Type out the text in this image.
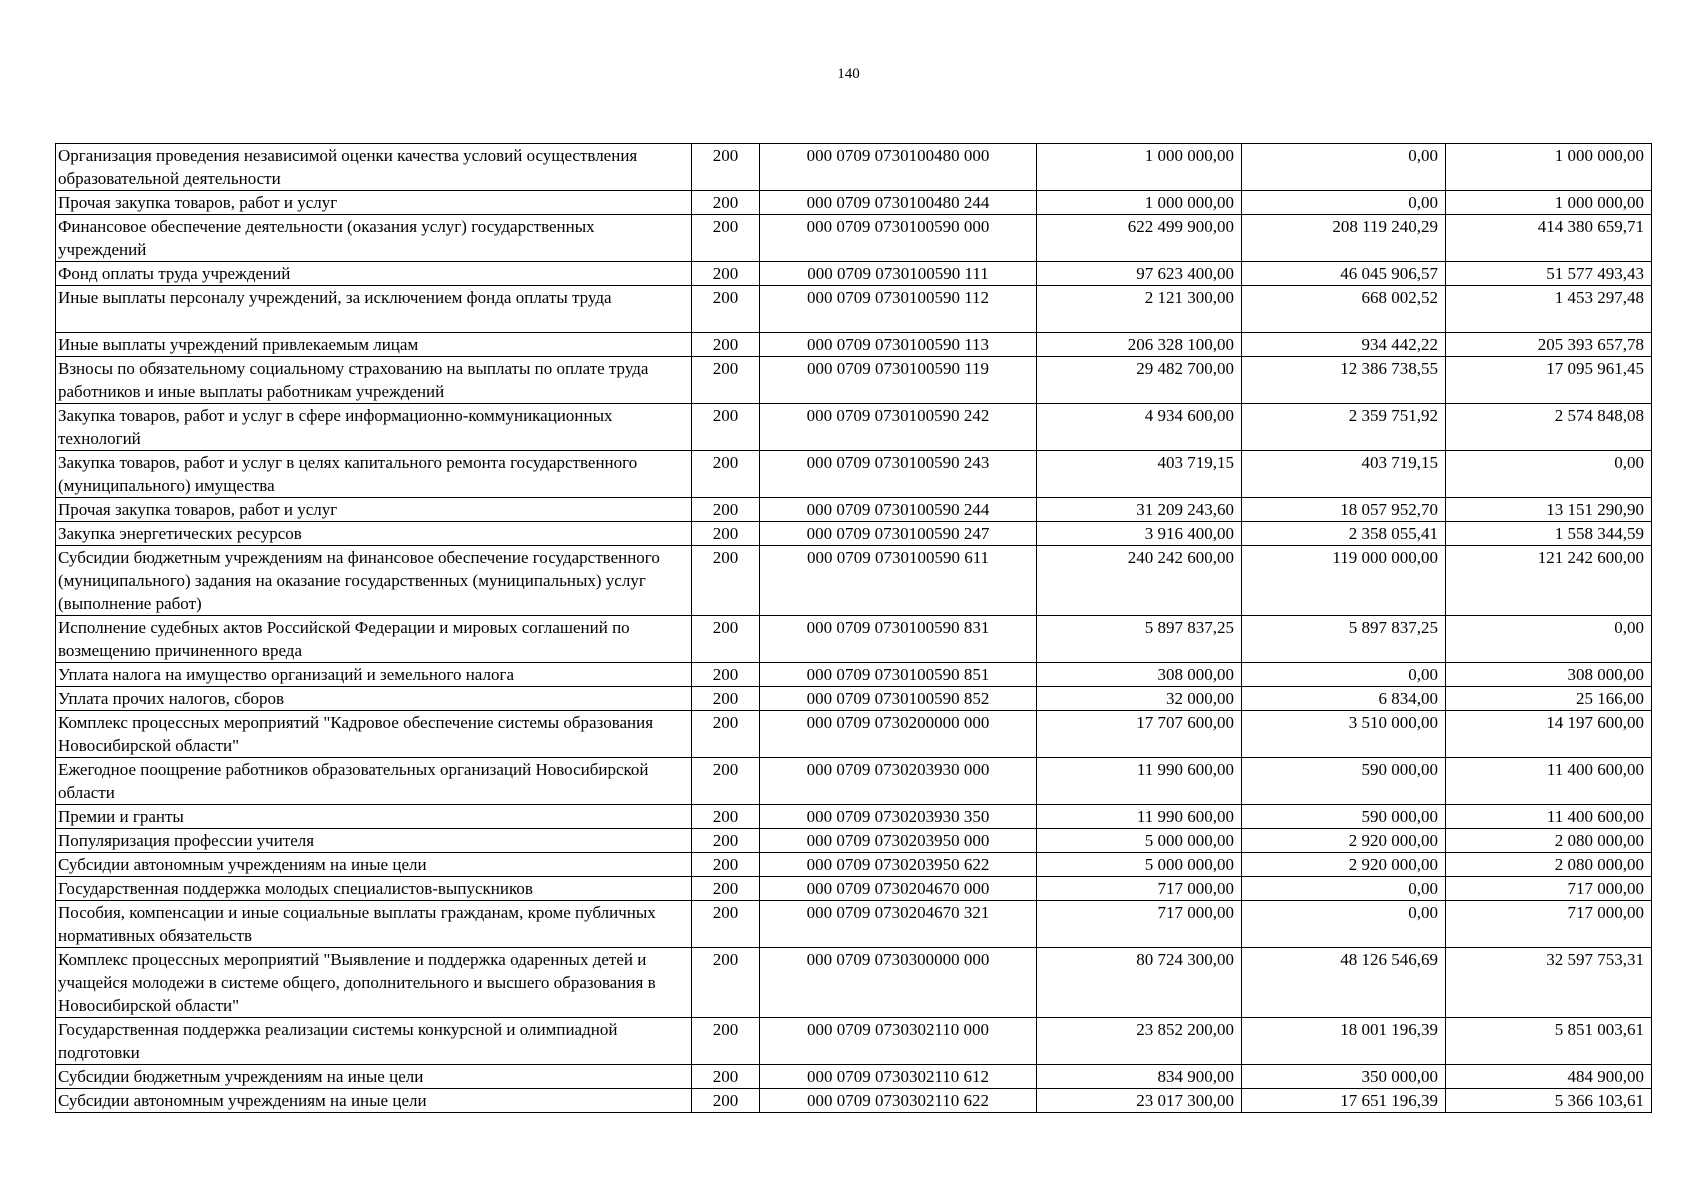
140
Организация проведения независимой оценки качества условий осуществления образовательной деятельности	200	000 0709 0730100480 000	1 000 000,00	0,00	1 000 000,00
Прочая закупка товаров, работ и услуг	200	000 0709 0730100480 244	1 000 000,00	0,00	1 000 000,00
Финансовое обеспечение деятельности (оказания услуг) государственных учреждений	200	000 0709 0730100590 000	622 499 900,00	208 119 240,29	414 380 659,71
Фонд оплаты труда учреждений	200	000 0709 0730100590 111	97 623 400,00	46 045 906,57	51 577 493,43
Иные выплаты персоналу учреждений, за исключением фонда оплаты труда	200	000 0709 0730100590 112	2 121 300,00	668 002,52	1 453 297,48
Иные выплаты учреждений привлекаемым лицам	200	000 0709 0730100590 113	206 328 100,00	934 442,22	205 393 657,78
Взносы по обязательному социальному страхованию на выплаты по оплате труда работников и иные выплаты работникам учреждений	200	000 0709 0730100590 119	29 482 700,00	12 386 738,55	17 095 961,45
Закупка товаров, работ и услуг в сфере информационно-коммуникационных технологий	200	000 0709 0730100590 242	4 934 600,00	2 359 751,92	2 574 848,08
Закупка товаров, работ и услуг в целях капитального ремонта государственного (муниципального) имущества	200	000 0709 0730100590 243	403 719,15	403 719,15	0,00
Прочая закупка товаров, работ и услуг	200	000 0709 0730100590 244	31 209 243,60	18 057 952,70	13 151 290,90
Закупка энергетических ресурсов	200	000 0709 0730100590 247	3 916 400,00	2 358 055,41	1 558 344,59
Субсидии бюджетным учреждениям на финансовое обеспечение государственного (муниципального) задания на оказание государственных (муниципальных) услуг (выполнение работ)	200	000 0709 0730100590 611	240 242 600,00	119 000 000,00	121 242 600,00
Исполнение судебных актов Российской Федерации и мировых соглашений по возмещению причиненного вреда	200	000 0709 0730100590 831	5 897 837,25	5 897 837,25	0,00
Уплата налога на имущество организаций и земельного налога	200	000 0709 0730100590 851	308 000,00	0,00	308 000,00
Уплата прочих налогов, сборов	200	000 0709 0730100590 852	32 000,00	6 834,00	25 166,00
Комплекс процессных мероприятий "Кадровое обеспечение системы образования Новосибирской области"	200	000 0709 0730200000 000	17 707 600,00	3 510 000,00	14 197 600,00
Ежегодное поощрение работников образовательных организаций Новосибирской области	200	000 0709 0730203930 000	11 990 600,00	590 000,00	11 400 600,00
Премии и гранты	200	000 0709 0730203930 350	11 990 600,00	590 000,00	11 400 600,00
Популяризация профессии учителя	200	000 0709 0730203950 000	5 000 000,00	2 920 000,00	2 080 000,00
Субсидии автономным учреждениям на иные цели	200	000 0709 0730203950 622	5 000 000,00	2 920 000,00	2 080 000,00
Государственная поддержка молодых специалистов-выпускников	200	000 0709 0730204670 000	717 000,00	0,00	717 000,00
Пособия, компенсации и иные социальные выплаты гражданам, кроме публичных нормативных обязательств	200	000 0709 0730204670 321	717 000,00	0,00	717 000,00
Комплекс процессных мероприятий "Выявление и поддержка одаренных детей и учащейся молодежи в системе общего, дополнительного и высшего образования в Новосибирской области"	200	000 0709 0730300000 000	80 724 300,00	48 126 546,69	32 597 753,31
Государственная поддержка реализации системы конкурсной и олимпиадной подготовки	200	000 0709 0730302110 000	23 852 200,00	18 001 196,39	5 851 003,61
Субсидии бюджетным учреждениям на иные цели	200	000 0709 0730302110 612	834 900,00	350 000,00	484 900,00
Субсидии автономным учреждениям на иные цели	200	000 0709 0730302110 622	23 017 300,00	17 651 196,39	5 366 103,61
